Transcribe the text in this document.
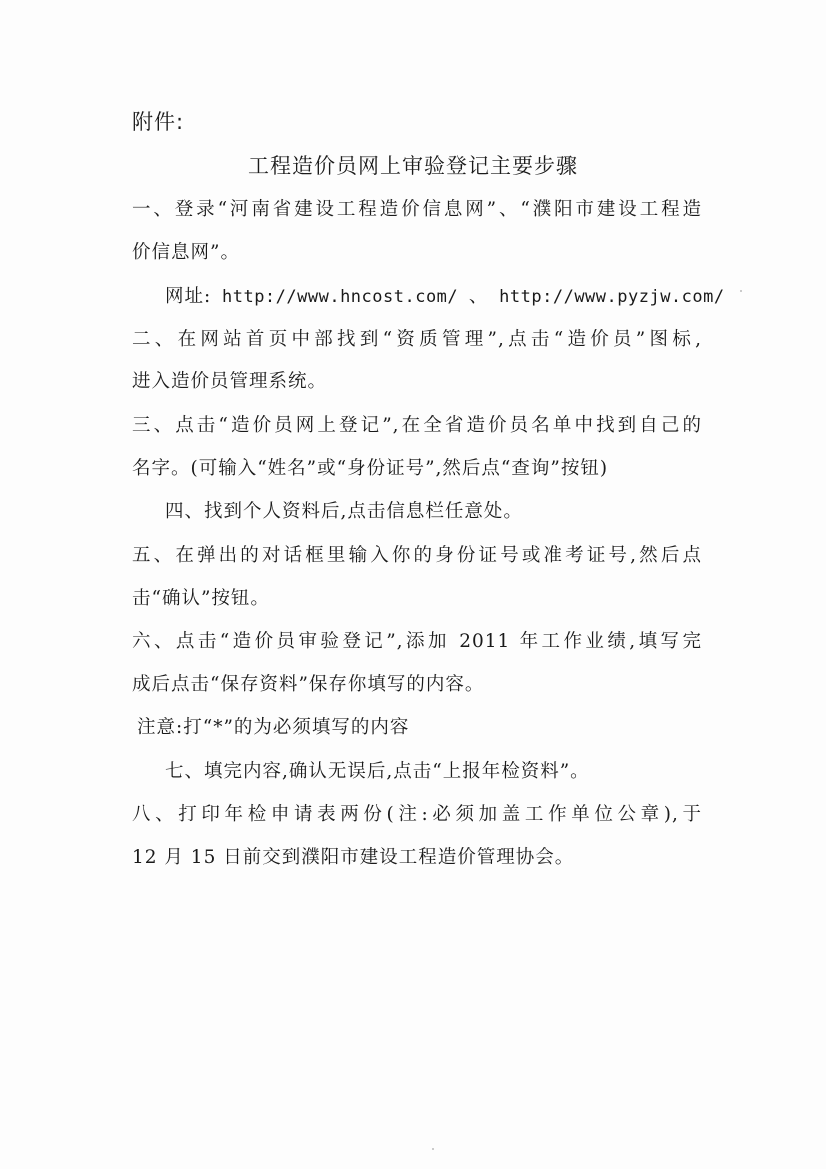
附件:
工程造价员网上审验登记主要步骤
一、登录“河南省建设工程造价信息网”、“濮阳市建设工程造
价信息网”。
网址: http://www.hncost.com/ 、 http://www.pyzjw.com/
二、在网站首页中部找到“资质管理”,点击“造价员”图标,
进入造价员管理系统。
三、点击“造价员网上登记”,在全省造价员名单中找到自己的
名字。(可输入“姓名”或“身份证号”,然后点“查询”按钮)
四、找到个人资料后,点击信息栏任意处。
五、在弹出的对话框里输入你的身份证号或准考证号,然后点
击“确认”按钮。
六、点击“造价员审验登记”,添加 2011 年工作业绩,填写完
成后点击“保存资料”保存你填写的内容。
注意:打“*”的为必须填写的内容
七、填完内容,确认无误后,点击“上报年检资料”。
八、打印年检申请表两份(注:必须加盖工作单位公章),于
12 月 15 日前交到濮阳市建设工程造价管理协会。
